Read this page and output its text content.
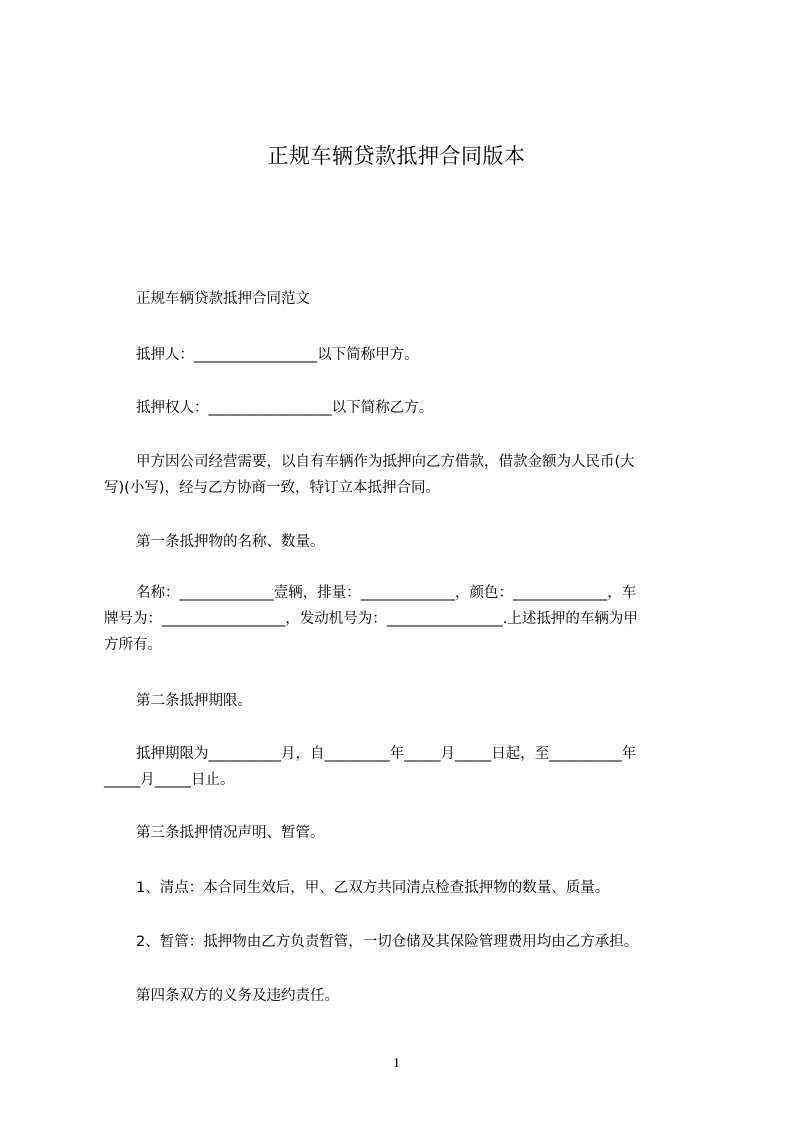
正规车辆贷款抵押合同版本

正规车辆贷款抵押合同范文

抵押人：_________________以下简称甲方。

抵押权人：_________________以下简称乙方。

甲方因公司经营需要，以自有车辆作为抵押向乙方借款，借款金额为人民币(大
写)(小写)，经与乙方协商一致，特订立本抵押合同。

第一条抵押物的名称、数量。

名称：_____________壹辆，排量：_____________，颜色：_____________，车
牌号为：_________________，发动机号为：________________.上述抵押的车辆为甲
方所有。

第二条抵押期限。

抵押期限为__________月，自_________年_____月_____日起，至__________年
_____月_____日止。

第三条抵押情况声明、暂管。

1、清点：本合同生效后，甲、乙双方共同清点检查抵押物的数量、质量。

2、暂管：抵押物由乙方负责暂管，一切仓储及其保险管理费用均由乙方承担。

第四条双方的义务及违约责任。

1
